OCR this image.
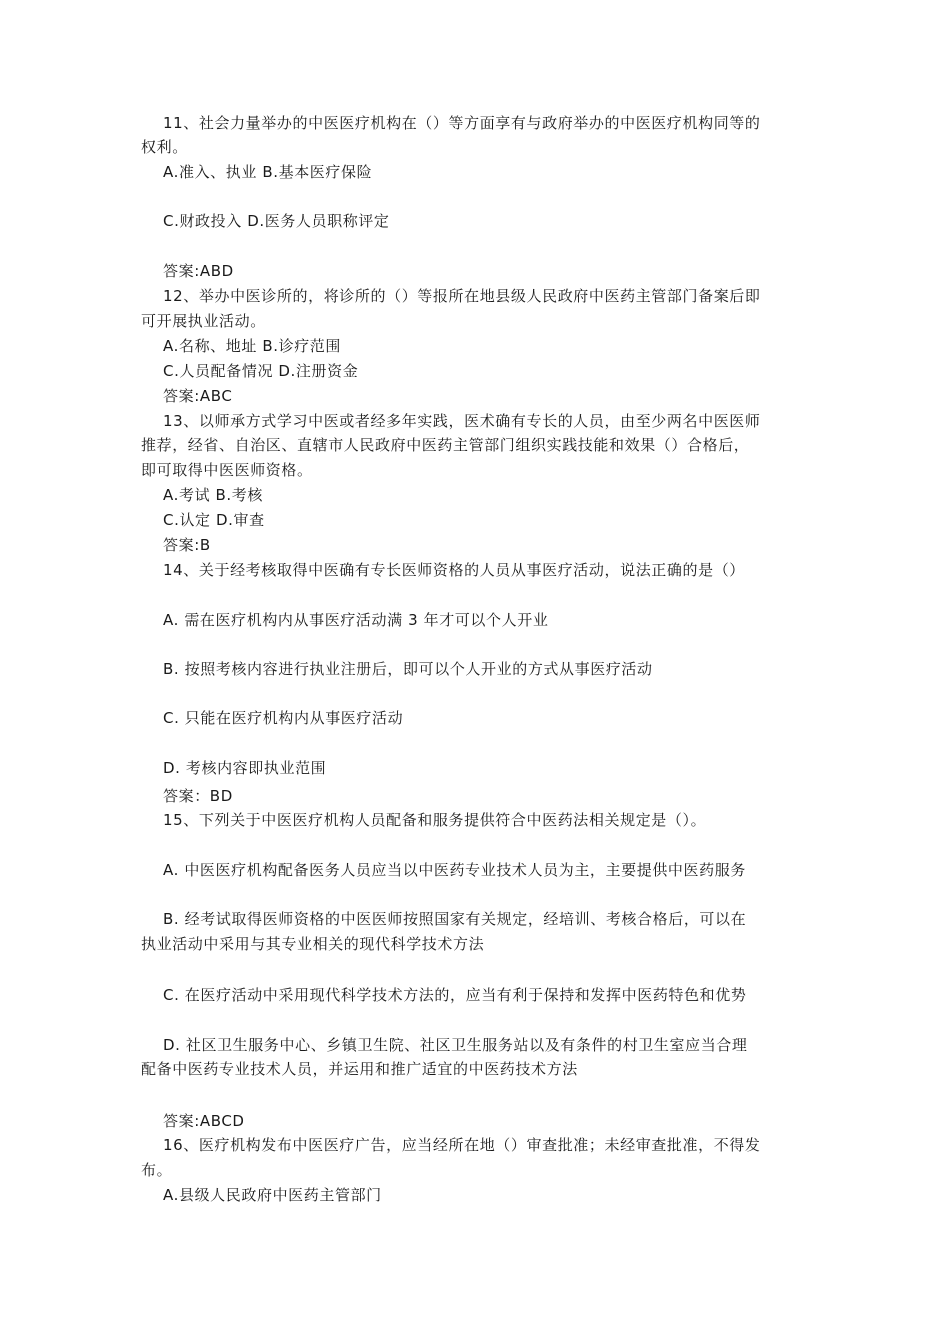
11、社会力量举办的中医医疗机构在（）等方面享有与政府举办的中医医疗机构同等的
权利。
A.准入、执业 B.基本医疗保险
C.财政投入 D.医务人员职称评定
答案:ABD
12、举办中医诊所的，将诊所的（）等报所在地县级人民政府中医药主管部门备案后即
可开展执业活动。
A.名称、地址 B.诊疗范围
C.人员配备情况 D.注册资金
答案:ABC
13、以师承方式学习中医或者经多年实践，医术确有专长的人员，由至少两名中医医师
推荐，经省、自治区、直辖市人民政府中医药主管部门组织实践技能和效果（）合格后，
即可取得中医医师资格。
A.考试 B.考核
C.认定 D.审查
答案:B
14、关于经考核取得中医确有专长医师资格的人员从事医疗活动，说法正确的是（）
A. 需在医疗机构内从事医疗活动满 3 年才可以个人开业
B. 按照考核内容进行执业注册后，即可以个人开业的方式从事医疗活动
C. 只能在医疗机构内从事医疗活动
D. 考核内容即执业范围
答案：BD
15、下列关于中医医疗机构人员配备和服务提供符合中医药法相关规定是（）。
A. 中医医疗机构配备医务人员应当以中医药专业技术人员为主，主要提供中医药服务
B. 经考试取得医师资格的中医医师按照国家有关规定，经培训、考核合格后，可以在
执业活动中采用与其专业相关的现代科学技术方法
C. 在医疗活动中采用现代科学技术方法的，应当有利于保持和发挥中医药特色和优势
D. 社区卫生服务中心、乡镇卫生院、社区卫生服务站以及有条件的村卫生室应当合理
配备中医药专业技术人员，并运用和推广适宜的中医药技术方法
答案:ABCD
16、医疗机构发布中医医疗广告，应当经所在地（）审查批准；未经审查批准，不得发
布。
A.县级人民政府中医药主管部门
